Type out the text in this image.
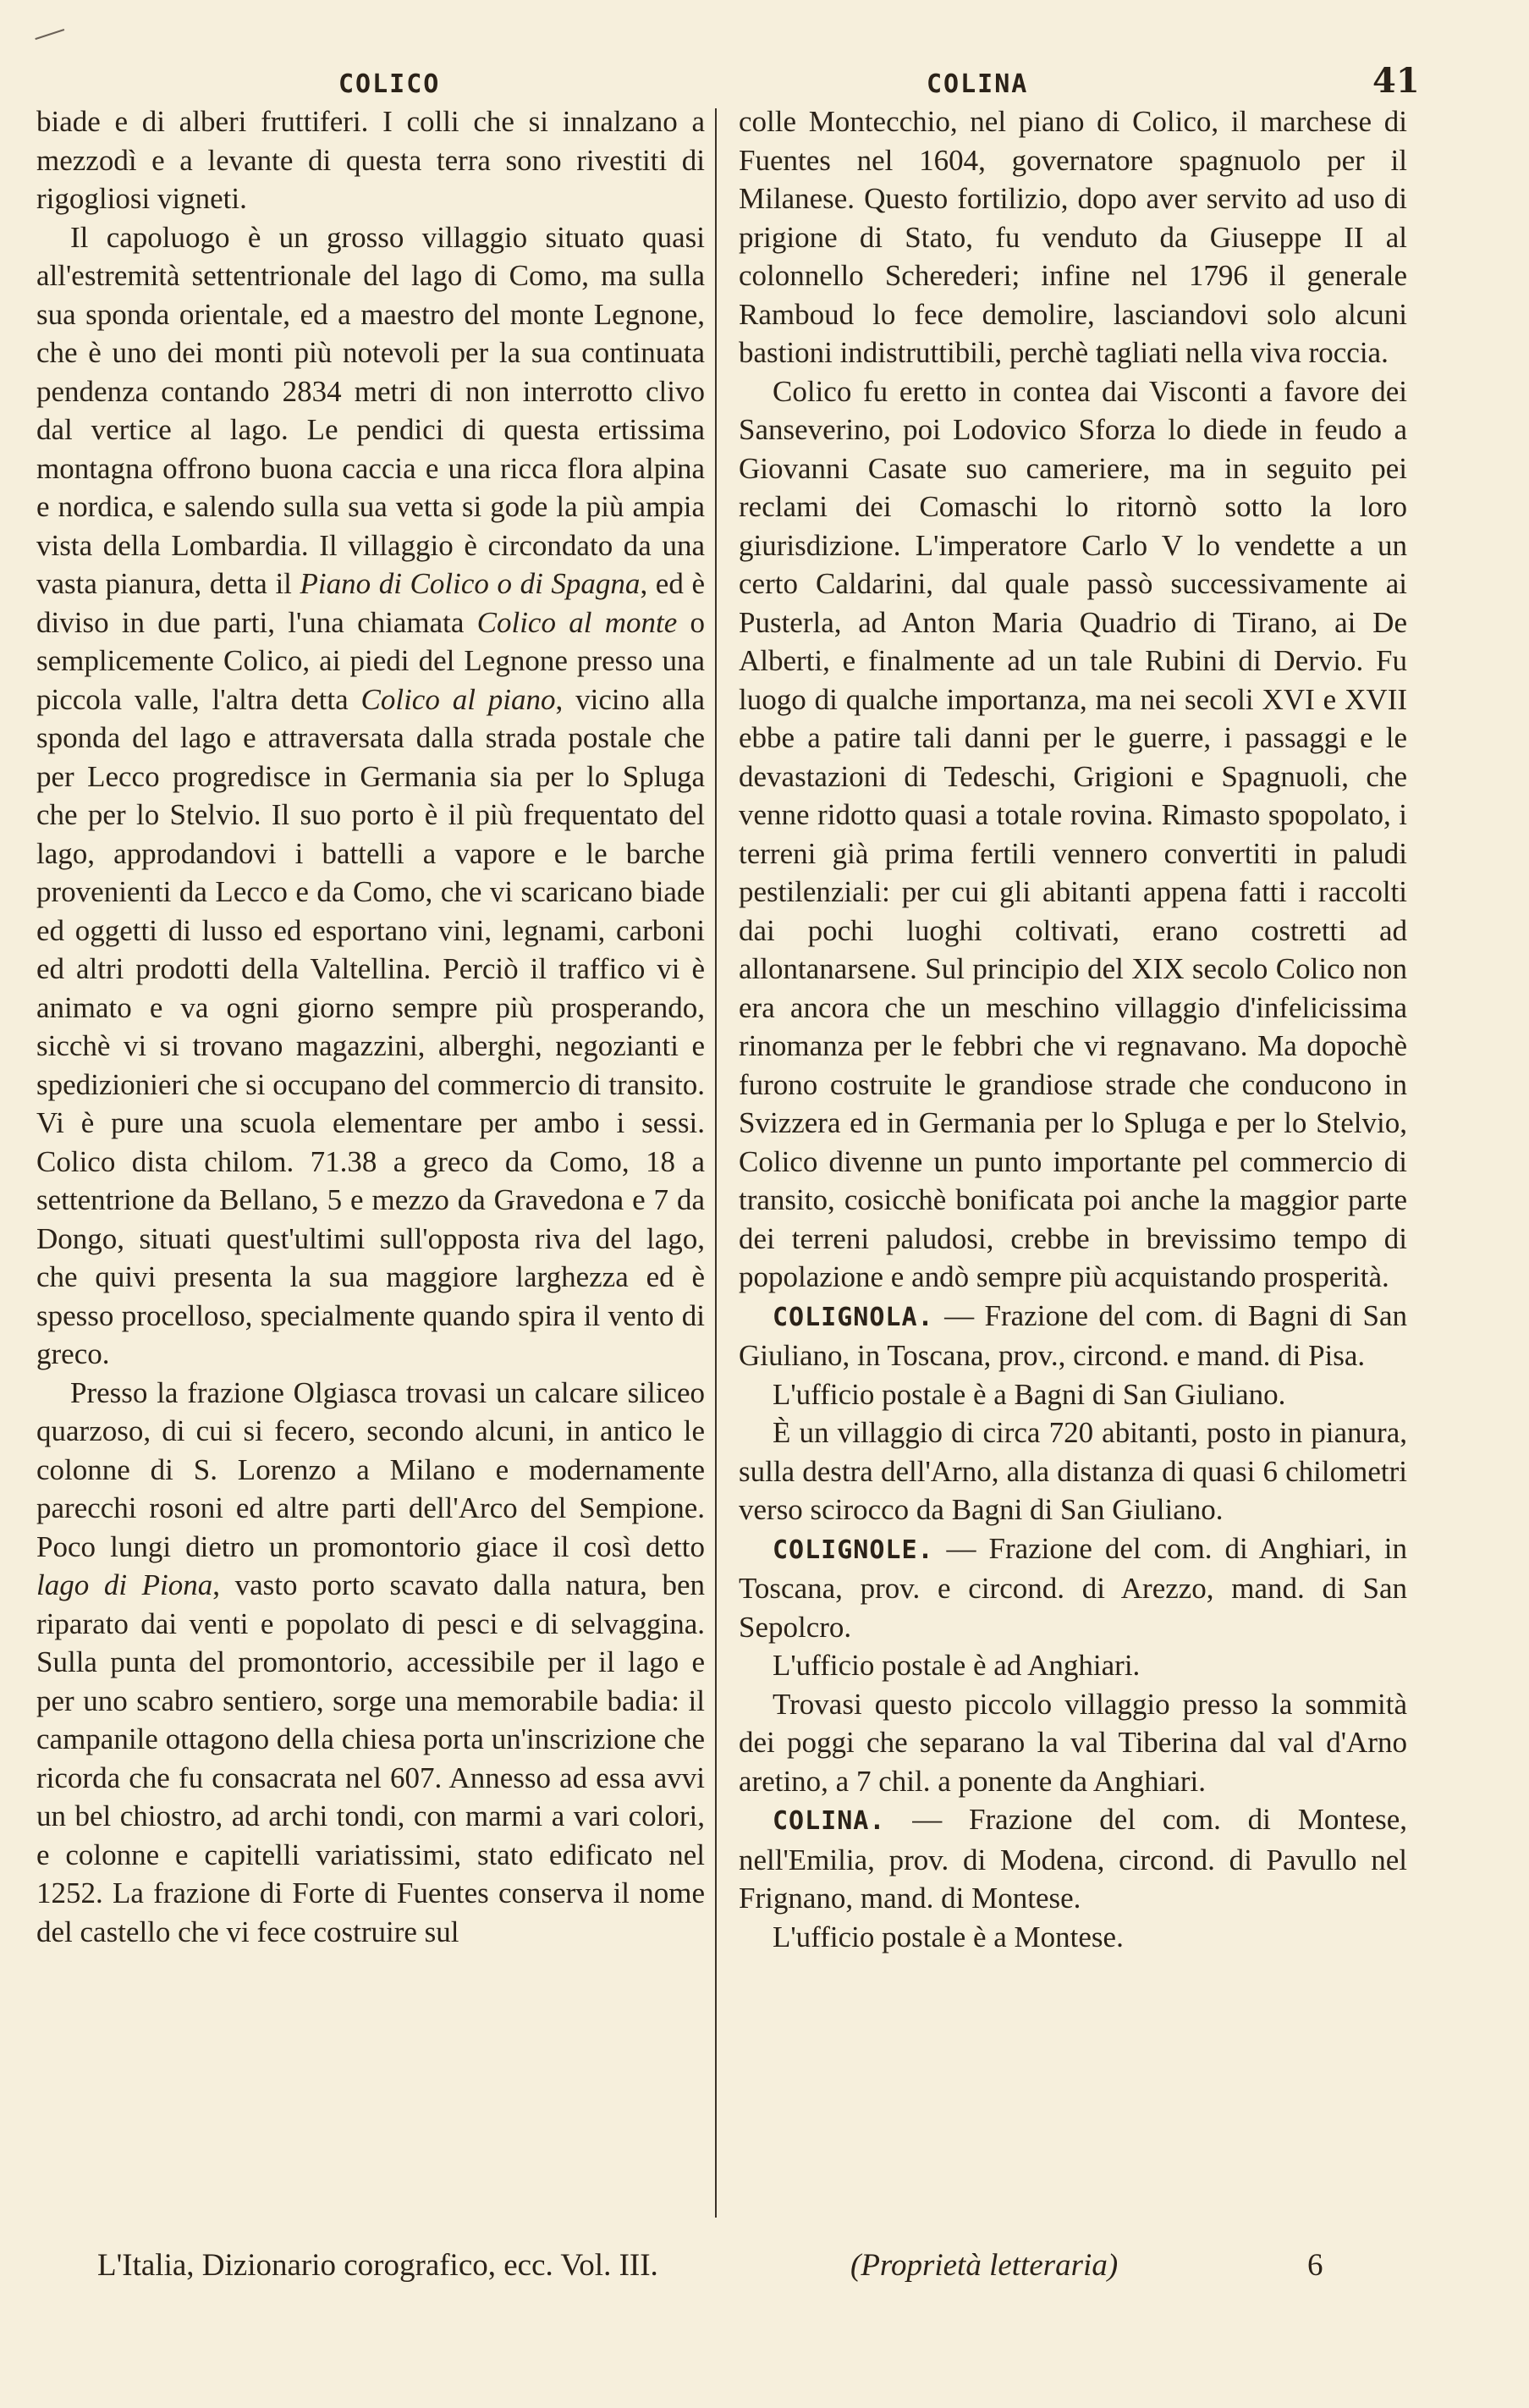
COLICO	COLINA	41

biade e di alberi fruttiferi. I colli che si innalzano a mezzodì e a levante di questa terra sono rivestiti di rigogliosi vigneti.

Il capoluogo è un grosso villaggio situato quasi all'estremità settentrionale del lago di Como, ma sulla sua sponda orientale, ed a maestro del monte Legnone, che è uno dei monti più notevoli per la sua continuata pendenza contando 2834 metri di non interrotto clivo dal vertice al lago. Le pendici di questa ertissima montagna offrono buona caccia e una ricca flora alpina e nordica, e salendo sulla sua vetta si gode la più ampia vista della Lombardia. Il villaggio è circondato da una vasta pianura, detta il Piano di Colico o di Spagna, ed è diviso in due parti, l'una chiamata Colico al monte o semplicemente Colico, ai piedi del Legnone presso una piccola valle, l'altra detta Colico al piano, vicino alla sponda del lago e attraversata dalla strada postale che per Lecco progredisce in Germania sia per lo Spluga che per lo Stelvio. Il suo porto è il più frequentato del lago, approdandovi i battelli a vapore e le barche provenienti da Lecco e da Como, che vi scaricano biade ed oggetti di lusso ed esportano vini, legnami, carboni ed altri prodotti della Valtellina. Perciò il traffico vi è animato e va ogni giorno sempre più prosperando, sicchè vi si trovano magazzini, alberghi, negozianti e spedizionieri che si occupano del commercio di transito. Vi è pure una scuola elementare per ambo i sessi. Colico dista chilom. 71.38 a greco da Como, 18 a settentrione da Bellano, 5 e mezzo da Gravedona e 7 da Dongo, situati quest'ultimi sull'opposta riva del lago, che quivi presenta la sua maggiore larghezza ed è spesso procelloso, specialmente quando spira il vento di greco.

Presso la frazione Olgiasca trovasi un calcare siliceo quarzoso, di cui si fecero, secondo alcuni, in antico le colonne di S. Lorenzo a Milano e modernamente parecchi rosoni ed altre parti dell'Arco del Sempione. Poco lungi dietro un promontorio giace il così detto lago di Piona, vasto porto scavato dalla natura, ben riparato dai venti e popolato di pesci e di selvaggina. Sulla punta del promontorio, accessibile per il lago e per uno scabro sentiero, sorge una memorabile badia: il campanile ottagono della chiesa porta un'inscrizione che ricorda che fu consacrata nel 607. Annesso ad essa avvi un bel chiostro, ad archi tondi, con marmi a vari colori, e colonne e capitelli variatissimi, stato edificato nel 1252. La frazione di Forte di Fuentes conserva il nome del castello che vi fece costruire sul

colle Montecchio, nel piano di Colico, il marchese di Fuentes nel 1604, governatore spagnuolo per il Milanese. Questo fortilizio, dopo aver servito ad uso di prigione di Stato, fu venduto da Giuseppe II al colonnello Scherederi; infine nel 1796 il generale Ramboud lo fece demolire, lasciandovi solo alcuni bastioni indistruttibili, perchè tagliati nella viva roccia.

Colico fu eretto in contea dai Visconti a favore dei Sanseverino, poi Lodovico Sforza lo diede in feudo a Giovanni Casate suo cameriere, ma in seguito pei reclami dei Comaschi lo ritornò sotto la loro giurisdizione. L'imperatore Carlo V lo vendette a un certo Caldarini, dal quale passò successivamente ai Pusterla, ad Anton Maria Quadrio di Tirano, ai De Alberti, e finalmente ad un tale Rubini di Dervio. Fu luogo di qualche importanza, ma nei secoli XVI e XVII ebbe a patire tali danni per le guerre, i passaggi e le devastazioni di Tedeschi, Grigioni e Spagnuoli, che venne ridotto quasi a totale rovina. Rimasto spopolato, i terreni già prima fertili vennero convertiti in paludi pestilenziali: per cui gli abitanti appena fatti i raccolti dai pochi luoghi coltivati, erano costretti ad allontanarsene. Sul principio del XIX secolo Colico non era ancora che un meschino villaggio d'infelicissima rinomanza per le febbri che vi regnavano. Ma dopochè furono costruite le grandiose strade che conducono in Svizzera ed in Germania per lo Spluga e per lo Stelvio, Colico divenne un punto importante pel commercio di transito, cosicchè bonificata poi anche la maggior parte dei terreni paludosi, crebbe in brevissimo tempo di popolazione e andò sempre più acquistando prosperità.

COLIGNOLA. — Frazione del com. di Bagni di San Giuliano, in Toscana, prov., circond. e mand. di Pisa.

L'ufficio postale è a Bagni di San Giuliano.

È un villaggio di circa 720 abitanti, posto in pianura, sulla destra dell'Arno, alla distanza di quasi 6 chilometri verso scirocco da Bagni di San Giuliano.

COLIGNOLE. — Frazione del com. di Anghiari, in Toscana, prov. e circond. di Arezzo, mand. di San Sepolcro.

L'ufficio postale è ad Anghiari.

Trovasi questo piccolo villaggio presso la sommità dei poggi che separano la val Tiberina dal val d'Arno aretino, a 7 chil. a ponente da Anghiari.

COLINA. — Frazione del com. di Montese, nell'Emilia, prov. di Modena, circond. di Pavullo nel Frignano, mand. di Montese.

L'ufficio postale è a Montese.

L'Italia, Dizionario corografico, ecc. Vol. III.	(Proprietà letteraria)	6
